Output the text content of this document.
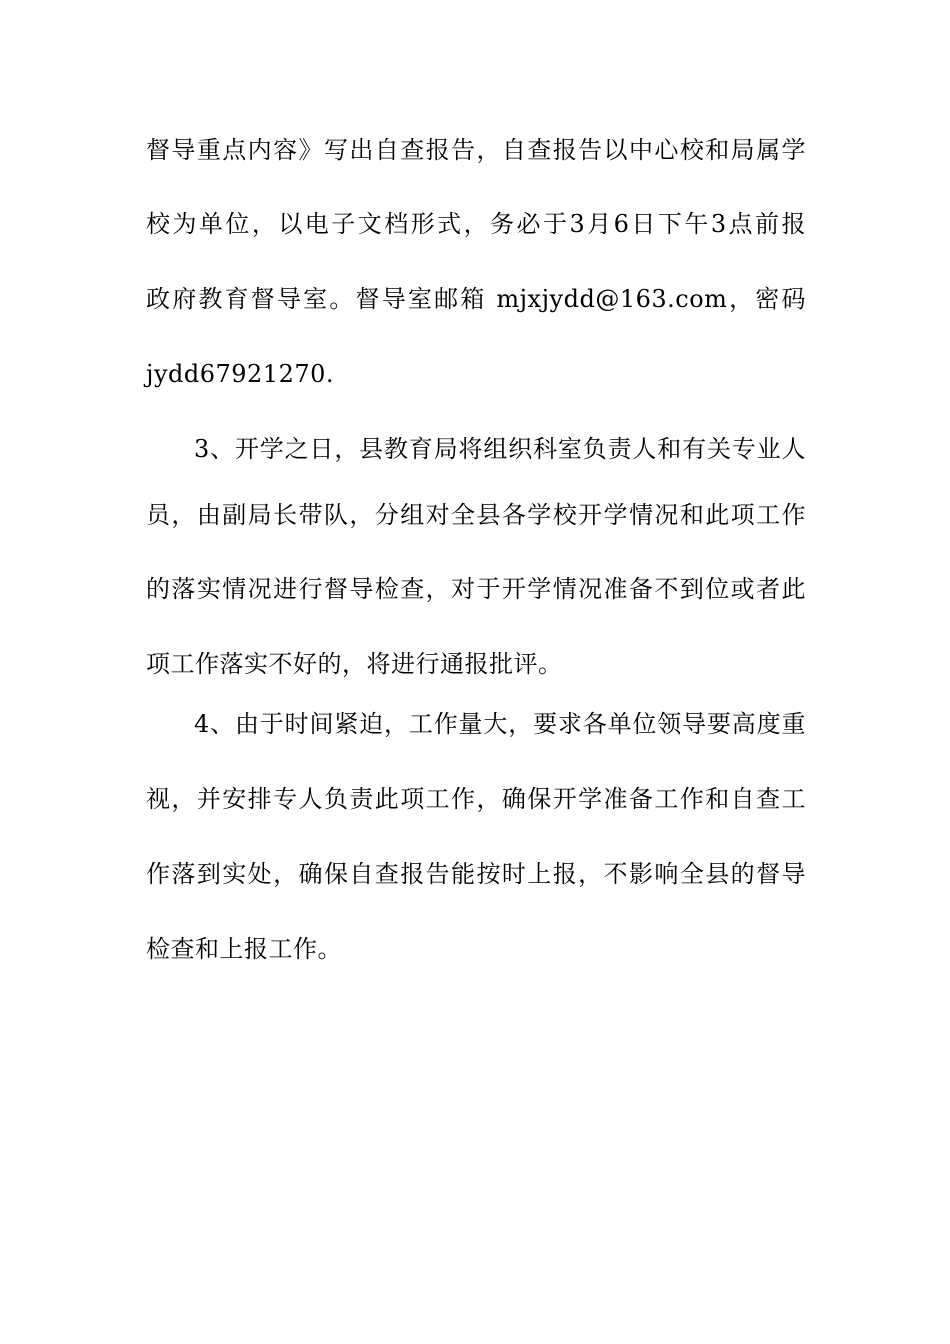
督导重点内容》写出自查报告，自查报告以中心校和局属学
校为单位，以电子文档形式，务必于3月6日下午3点前报
政府教育督导室。督导室邮箱 mjxjydd@163.com，密码
jydd67921270.
3、开学之日，县教育局将组织科室负责人和有关专业人
员，由副局长带队，分组对全县各学校开学情况和此项工作
的落实情况进行督导检查，对于开学情况准备不到位或者此
项工作落实不好的，将进行通报批评。
4、由于时间紧迫，工作量大，要求各单位领导要高度重
视，并安排专人负责此项工作，确保开学准备工作和自查工
作落到实处，确保自查报告能按时上报，不影响全县的督导
检查和上报工作。
